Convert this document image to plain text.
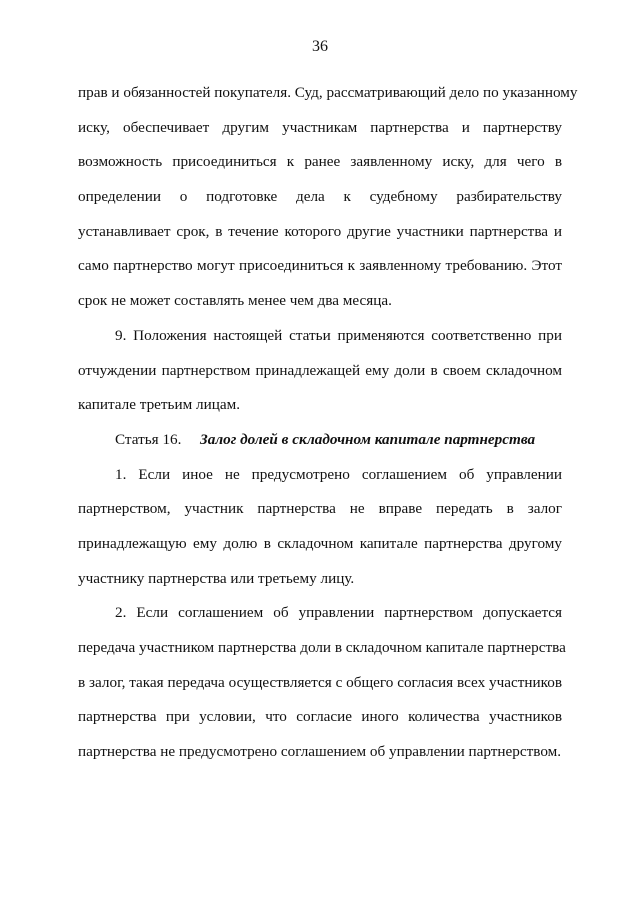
36
прав и обязанностей покупателя. Суд, рассматривающий дело по указанному
иску, обеспечивает другим участникам партнерства и партнерству
возможность присоединиться к ранее заявленному иску, для чего в
определении о подготовке дела к судебному разбирательству
устанавливает срок, в течение которого другие участники партнерства и
само партнерство могут присоединиться к заявленному требованию. Этот
срок не может составлять менее чем два месяца.
9. Положения настоящей статьи применяются соответственно при
отчуждении партнерством принадлежащей ему доли в своем складочном
капитале третьим лицам.
Статья 16. Залог долей в складочном капитале партнерства
1. Если иное не предусмотрено соглашением об управлении
партнерством, участник партнерства не вправе передать в залог
принадлежащую ему долю в складочном капитале партнерства другому
участнику партнерства или третьему лицу.
2. Если соглашением об управлении партнерством допускается
передача участником партнерства доли в складочном капитале партнерства
в залог, такая передача осуществляется с общего согласия всех участников
партнерства при условии, что согласие иного количества участников
партнерства не предусмотрено соглашением об управлении партнерством.
